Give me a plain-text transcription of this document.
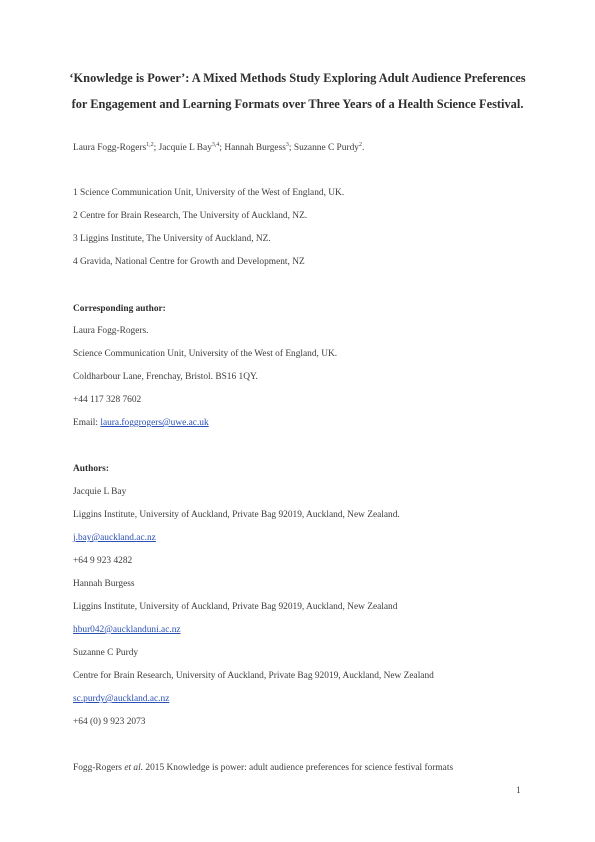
‘Knowledge is Power’: A Mixed Methods Study Exploring Adult Audience Preferences
for Engagement and Learning Formats over Three Years of a Health Science Festival.
Laura Fogg-Rogers$^{1,2}$; Jacquie L Bay$^{3,4}$; Hannah Burgess$^3$; Suzanne C Purdy$^2$.
1 Science Communication Unit, University of the West of England, UK.
2 Centre for Brain Research, The University of Auckland, NZ.
3 Liggins Institute, The University of Auckland, NZ.
4 Gravida, National Centre for Growth and Development, NZ
Corresponding author:
Laura Fogg-Rogers.
Science Communication Unit, University of the West of England, UK.
Coldharbour Lane, Frenchay, Bristol. BS16 1QY.
+44 117 328 7602
Email: laura.foggrogers@uwe.ac.uk
Authors:
Jacquie L Bay
Liggins Institute, University of Auckland, Private Bag 92019, Auckland, New Zealand.
j.bay@auckland.ac.nz
+64 9 923 4282
Hannah Burgess
Liggins Institute, University of Auckland, Private Bag 92019, Auckland, New Zealand
hbur042@aucklanduni.ac.nz
Suzanne C Purdy
Centre for Brain Research, University of Auckland, Private Bag 92019, Auckland, New Zealand
sc.purdy@auckland.ac.nz
+64 (0) 9 923 2073
Fogg-Rogers et al. 2015 Knowledge is power: adult audience preferences for science festival formats
1
